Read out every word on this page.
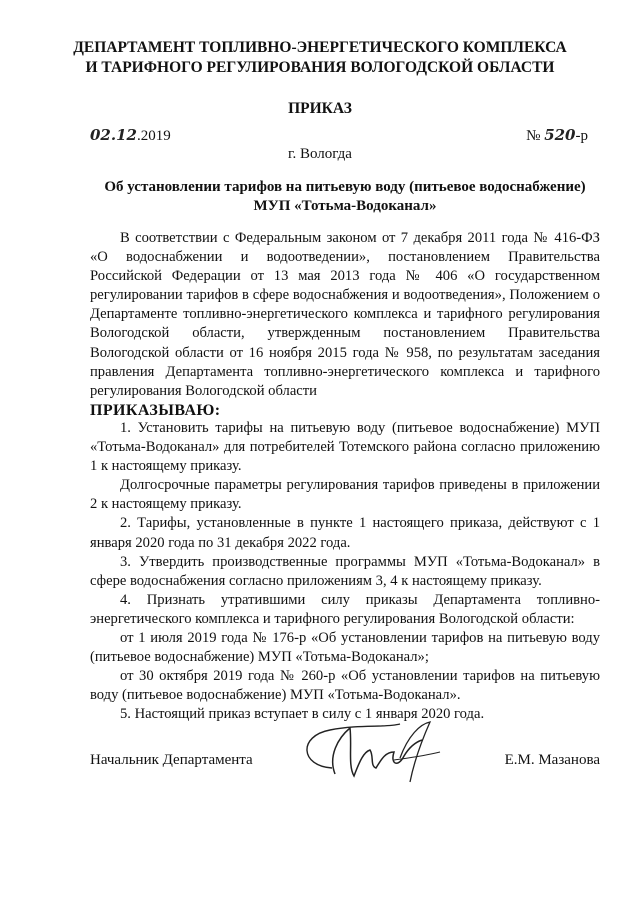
ДЕПАРТАМЕНТ ТОПЛИВНО-ЭНЕРГЕТИЧЕСКОГО КОМПЛЕКСА
И ТАРИФНОГО РЕГУЛИРОВАНИЯ ВОЛОГОДСКОЙ ОБЛАСТИ
ПРИКАЗ
02.12.2019	№ 520-р
г. Вологда
Об установлении тарифов на питьевую воду (питьевое водоснабжение)
МУП «Тотьма-Водоканал»

В соответствии с Федеральным законом от 7 декабря 2011 года № 416-ФЗ «О водоснабжении и водоотведении», постановлением Правительства Российской Федерации от 13 мая 2013 года № 406 «О государственном регулировании тарифов в сфере водоснабжения и водоотведения», Положением о Департаменте топливно-энергетического комплекса и тарифного регулирования Вологодской области, утвержденным постановлением Правительства Вологодской области от 16 ноября 2015 года № 958, по результатам заседания правления Департамента топливно-энергетического комплекса и тарифного регулирования Вологодской области

ПРИКАЗЫВАЮ:

1. Установить тарифы на питьевую воду (питьевое водоснабжение) МУП «Тотьма-Водоканал» для потребителей Тотемского района согласно приложению 1 к настоящему приказу.

Долгосрочные параметры регулирования тарифов приведены в приложении 2 к настоящему приказу.

2. Тарифы, установленные в пункте 1 настоящего приказа, действуют с 1 января 2020 года по 31 декабря 2022 года.

3. Утвердить производственные программы МУП «Тотьма-Водоканал» в сфере водоснабжения согласно приложениям 3, 4 к настоящему приказу.

4. Признать утратившими силу приказы Департамента топливно-энергетического комплекса и тарифного регулирования Вологодской области:

от 1 июля 2019 года № 176-р «Об установлении тарифов на питьевую воду (питьевое водоснабжение) МУП «Тотьма-Водоканал»;

от 30 октября 2019 года № 260-р «Об установлении тарифов на питьевую воду (питьевое водоснабжение) МУП «Тотьма-Водоканал».

5. Настоящий приказ вступает в силу с 1 января 2020 года.

Начальник Департамента	Е.М. Мазанова
